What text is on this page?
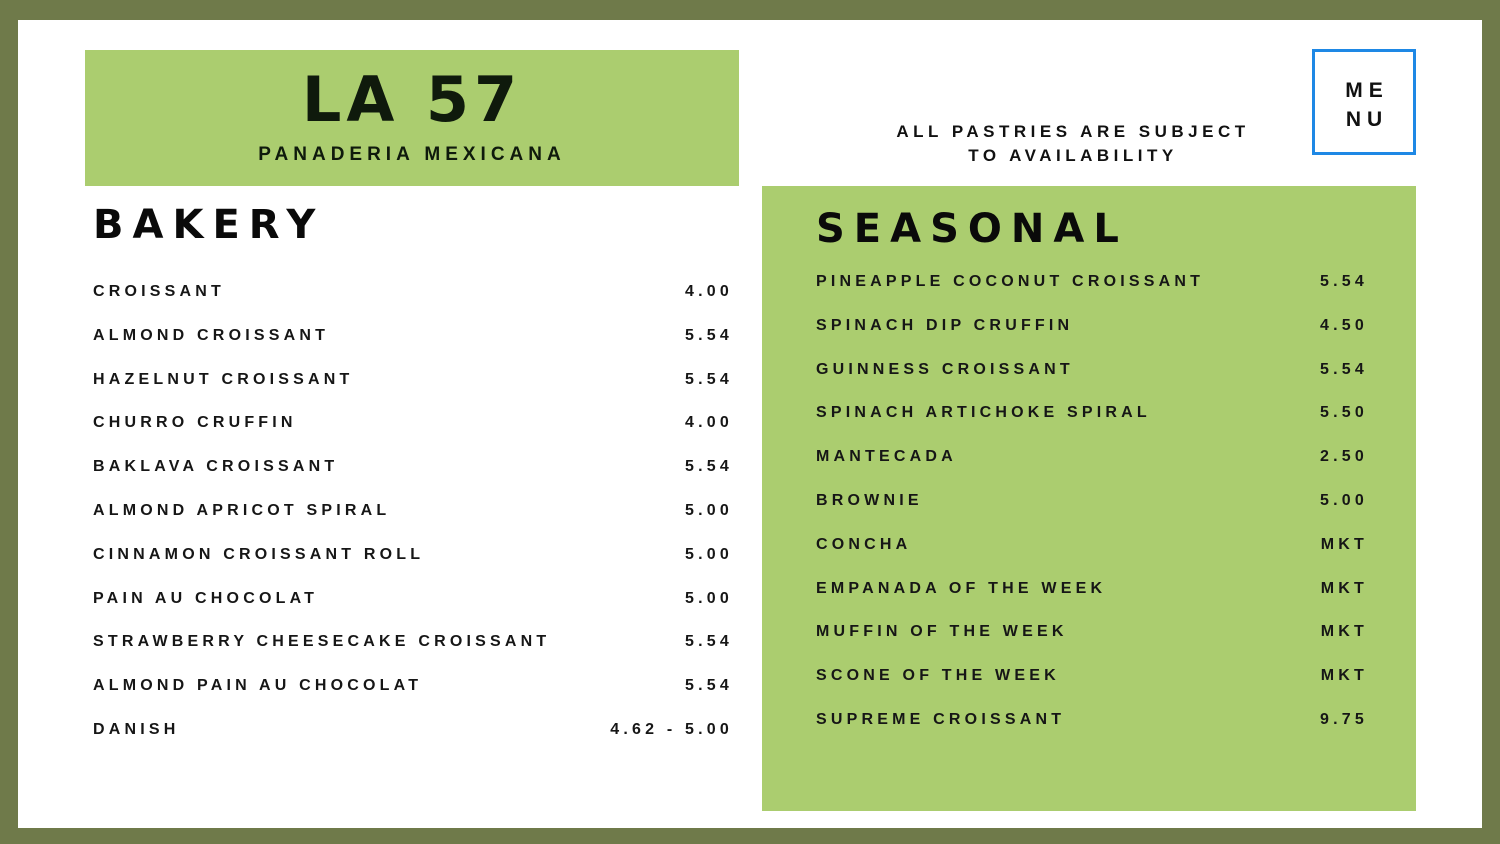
LA 57
PANADERIA MEXICANA
ALL PASTRIES ARE SUBJECT
TO AVAILABILITY
ME
NU
BAKERY
CROISSANT	4.00
ALMOND CROISSANT	5.54
HAZELNUT CROISSANT	5.54
CHURRO CRUFFIN	4.00
BAKLAVA CROISSANT	5.54
ALMOND APRICOT SPIRAL	5.00
CINNAMON CROISSANT ROLL	5.00
PAIN AU CHOCOLAT	5.00
STRAWBERRY CHEESECAKE CROISSANT	5.54
ALMOND PAIN AU CHOCOLAT	5.54
DANISH	4.62 - 5.00
SEASONAL
PINEAPPLE COCONUT CROISSANT	5.54
SPINACH DIP CRUFFIN	4.50
GUINNESS CROISSANT	5.54
SPINACH ARTICHOKE SPIRAL	5.50
MANTECADA	2.50
BROWNIE	5.00
CONCHA	MKT
EMPANADA OF THE WEEK	MKT
MUFFIN OF THE WEEK	MKT
SCONE OF THE WEEK	MKT
SUPREME CROISSANT	9.75
